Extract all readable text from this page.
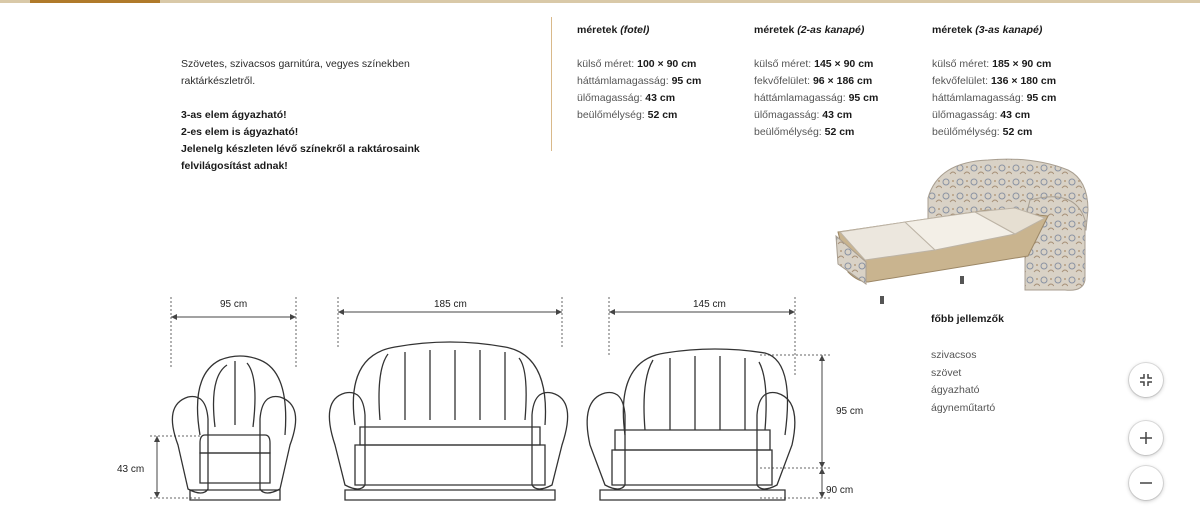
Szövetes, szivacsos garnitúra, vegyes színekben

raktárkészletről.

3-as elem ágyazható!

2-es elem is ágyazható!

Jelenelg készleten lévő színekről a raktárosaink

felvilágosítást adnak!

méretek (fotel)
külső méret: 100 × 90 cm
háttámlamagasság: 95 cm
ülőmagasság: 43 cm
beülőmélység: 52 cm
méretek (2-as kanapé)
külső méret: 145 × 90 cm
fekvőfelület: 96 × 186 cm
háttámlamagasság: 95 cm
ülőmagasság: 43 cm
beülőmélység: 52 cm
méretek (3-as kanapé)
külső méret: 185 × 90 cm
fekvőfelület: 136 × 180 cm
háttámlamagasság: 95 cm
ülőmagasság: 43 cm
beülőmélység: 52 cm
95 cm	185 cm	145 cm
43 cm
95 cm
90 cm
főbb jellemzők
szivacsos
szövet
ágyazható
ágyneműtartó
